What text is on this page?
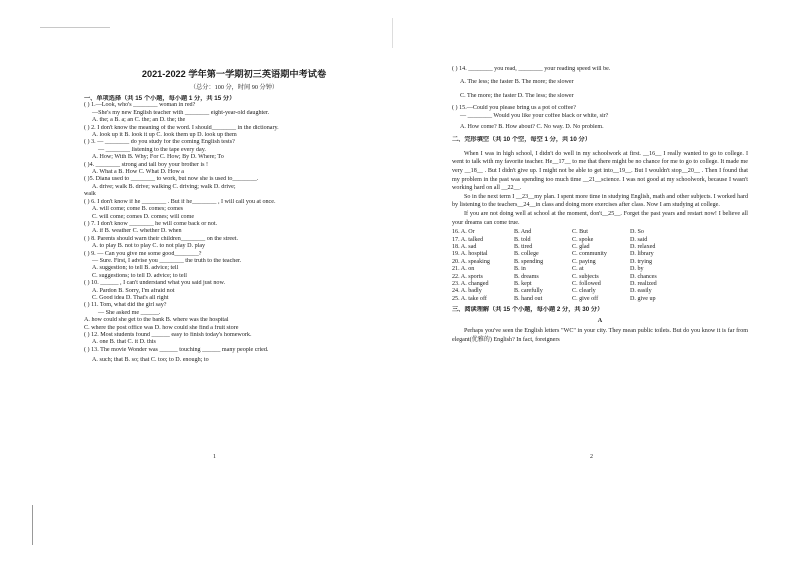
2021-2022 学年第一学期初三英语期中考试卷
（总分：100 分，时间 90 分钟）
一、单项选择（共 15 个小题，每小题 1 分，共 15 分）
( ) 1.—Look, who's ________ woman in red?
—She's my new English teacher with ________ eight-year-old daughter.
A. the; a B. a; an C. the; an D. the; the
( ) 2. I don't know the meaning of the word. I should________ in the dictionary.
A. look up it B. look it up C. look them up D. look up them
( ) 3. — ________ do you study for the coming English tests?
— ________ listening to the tape every day.
A. How; With B. Why; For C. How; By D. Where; To
( )4. ________ strong and tall boy your brother is !
A. What a B. How C. What D. How a
( )5. Diana used to ________ to work, but now she is used to________.
A. drive; walk B. drive; walking C. driving; walk D. drive;
walk
( ) 6. I don't know if he ________ . But if he________ , I will call you at once.
A. will come; come B. comes; comes
C. will come; comes D. comes; will come
( ) 7. I don't know ________ he will come back or not.
A. if B. weather C. whether D. when
( ) 8. Parents should warn their children________ on the street.
A. to play B. not to play C. to not play D. play
( ) 9. — Can you give me some good________?
— Sure. First, I advise you ________ the truth to the teacher.
A. suggestion; to tell B. advice; tell
C. suggestions; to tell D. advice; to tell
( ) 10. ______ , I can't understand what you said just now.
A. Pardon B. Sorry, I'm afraid not
C. Good idea D. That's all right
( ) 11. Tom, what did the girl say?
— She asked me ______.
A. how could she get to the bank B. where was the hospital
C. where the post office was D. how could she find a fruit store
( ) 12. Most students found ______ easy to finish today's homework.
A. one B. that C. it D. this
( ) 13. The movie Wonder was ______ touching ______ many people cried.
A. such; that B. so; that C. too; to D. enough; to
1
( ) 14. ________ you read, ________ your reading speed will be.
A. The less; the faster B. The more; the slower
C. The more; the faster D. The less; the slower
( ) 15.—Could you please bring us a pot of coffee?
— ________ Would you like your coffee black or white, sir?
A. How come? B. How about? C. No way. D. No problem.
二、完形填空（共 10 个空，每空 1 分，共 10 分）

When I was in high school, I didn't do well in my schoolwork at first. __16__ I really wanted to go to college. I went to talk with my favorite teacher. He__17__ to me that there might be no chance for me to go to college. It made me very __18__ . But I didn't give up. I might not be able to get into__19__. But I wouldn't stop__20__ . Then I found that my problem in the past was spending too much time __21__science. I was not good at my schoolwork, because I wasn't working hard on all __22__.

So in the next term I __23__my plan. I spent more time in studying English, math and other subjects. I worked hard by listening to the teachers__24__in class and doing more exercises after class. Now I am studying at college.

If you are not doing well at school at the moment, don't__25__. Forget the past years and restart now! I believe all your dreams can come true.

16. A. Or	B. And	C. But	D. So
17. A. talked	B. told	C. spoke	D. said
18. A. sad	B. tired	C. glad	D. relaxed
19. A. hospital	B. college	C. community	D. library
20. A. speaking	B. spending	C. paying	D. trying
21. A. on	B. in	C. at	D. by
22. A. sports	B. dreams	C. subjects	D. chances
23. A. changed	B. kept	C. followed	D. realized
24. A. badly	B. carefully	C. clearly	D. easily
25. A. take off	B. hand out	C. give off	D. give up
三、阅读理解（共 15 个小题，每小题 2 分，共 30 分）
A

Perhaps you've seen the English letters "WC" in your city. They mean public toilets. But do you know it is far from elegant(优雅的) English? In fact, foreigners

2
